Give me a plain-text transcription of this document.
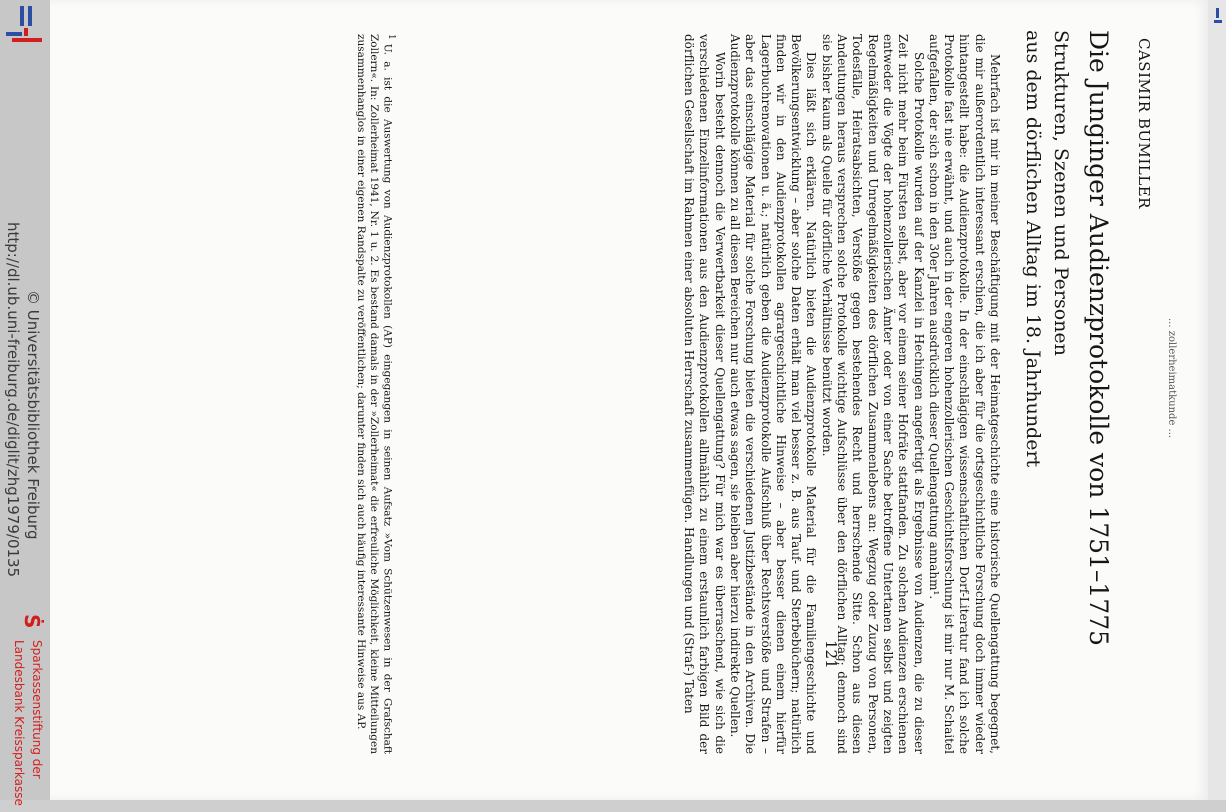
http://dl.ub.uni-freiburg.de/diglit/zhg1979/0135 © Universitätsbibliothek Freiburg
Ṡ
Sparkassenstiftung der
Landesbank Kreissparkasse
... zollerheimatkunde ...
CASIMIR BUMILLER
Die Junginger Audienzprotokolle von 1751–1775
Strukturen, Szenen und Personen
aus dem dörflichen Alltag im 18. Jahrhundert
121	Mehrfach ist mir in meiner Beschäftigung mit der Heimatgeschichte eine historische Quellengattung begegnet, die mir außerordentlich interessant erschien, die ich aber für die ortsgeschichtliche Forschung doch immer wieder hintangestellt habe: die Audienzprotokolle. In der einschlägigen wissenschaftlichen Dorf-Literatur fand ich solche Protokolle fast nie erwähnt, und auch in der engeren hohenzollerischen Geschichtsforschung ist mir nur M. Schaitel aufgefallen, der sich schon in den 30er Jahren ausdrücklich dieser Quellengattung annahm¹.

Solche Protokolle wurden auf der Kanzlei in Hechingen angefertigt als Ergebnisse von Audienzen, die zu dieser Zeit nicht mehr beim Fürsten selbst, aber vor einem seiner Hofräte stattfanden. Zu solchen Audienzen erschienen entweder die Vögte der hohenzollerischen Ämter oder von einer Sache betroffene Untertanen selbst und zeigten Regelmäßigkeiten und Unregelmäßigkeiten des dörflichen Zusammenlebens an: Wegzug oder Zuzug von Personen, Todesfälle, Heiratsabsichten, Verstöße gegen bestehendes Recht und herrschende Sitte. Schon aus diesen Andeutungen heraus versprechen solche Protokolle wichtige Aufschlüsse über den dörflichen Alltag; dennoch sind sie bisher kaum als Quelle für dörfliche Verhältnisse benützt worden.

Dies läßt sich erklären. Natürlich bieten die Audienzprotokolle Material für die Familiengeschichte und Bevölkerungsentwicklung – aber solche Daten erhält man viel besser z. B. aus Tauf- und Sterbebüchern; natürlich finden wir in den Audienzprotokollen agrargeschichtliche Hinweise – aber besser dienen einem hierfür Lagerbuchrenovationen u. ä.; natürlich geben die Audienzprotokolle Aufschluß über Rechtsverstöße und Strafen – aber das einschlägige Material für solche Forschung bieten die verschiedenen Justizbestände in den Archiven. Die Audienzprotokolle können zu all diesen Bereichen nur auch etwas sagen, sie bleiben aber hierzu indirekte Quellen.

Worin besteht dennoch die Verwertbarkeit dieser Quellengattung? Für mich war es überraschend, wie sich die verschiedenen Einzelinformationen aus den Audienzprotokollen allmählich zu einem erstaunlich farbigen Bild der dörflichen Gesellschaft im Rahmen einer absoluten Herrschaft zusammenfügen. Handlungen und (Straf-) Taten

1U. a. ist die Auswertung von Audienzprotokollen (AP) eingegangen in seinen Aufsatz »Vom Schützenwesen in der Grafschaft Zollern«. In: Zollerheimat 1941, Nr. 1 u. 2. Es bestand damals in der »Zollerheimat« die erfreuliche Möglichkeit, kleine Mitteilungen zusammenhanglos in einer eigenen Randspalte zu veröffentlichen; darunter finden sich auch häufig interessante Hinweise aus AP.
